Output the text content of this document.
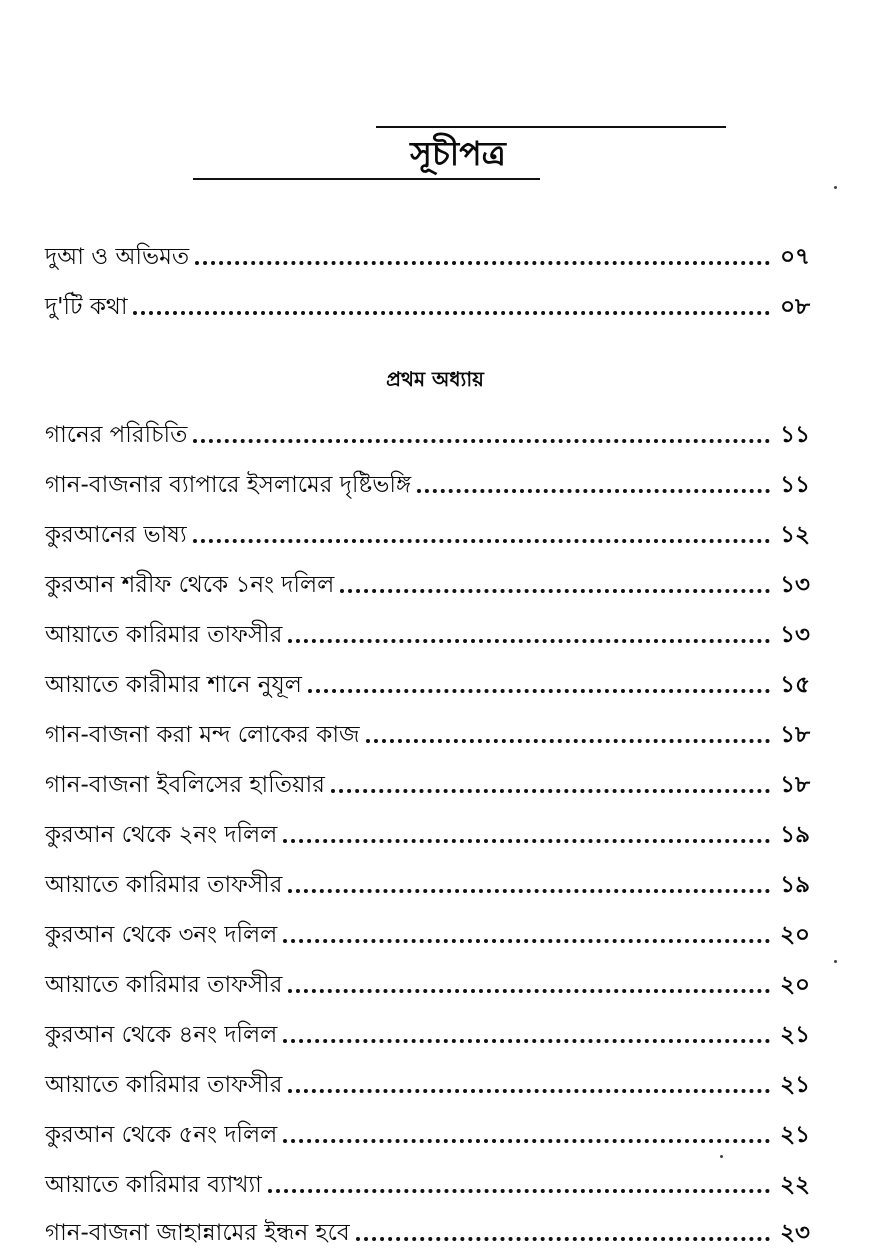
সূচীপত্র
দুআ ও অভিমত	০৭
দু'টি কথা	০৮
প্রথম অধ্যায়
গানের পরিচিতি	১১
গান-বাজনার ব্যাপারে ইসলামের দৃষ্টিভঙ্গি	১১
কুরআনের ভাষ্য	১২
কুরআন শরীফ থেকে ১নং দলিল	১৩
আয়াতে কারিমার তাফসীর	১৩
আয়াতে কারীমার শানে নুযূল	১৫
গান-বাজনা করা মন্দ লোকের কাজ	১৮
গান-বাজনা ইবলিসের হাতিয়ার	১৮
কুরআন থেকে ২নং দলিল	১৯
আয়াতে কারিমার তাফসীর	১৯
কুরআন থেকে ৩নং দলিল	২০
আয়াতে কারিমার তাফসীর	২০
কুরআন থেকে ৪নং দলিল	২১
আয়াতে কারিমার তাফসীর	২১
কুরআন থেকে ৫নং দলিল	২১
আয়াতে কারিমার ব্যাখ্যা	২২
গান-বাজনা জাহান্নামের ইন্ধন হবে	২৩
